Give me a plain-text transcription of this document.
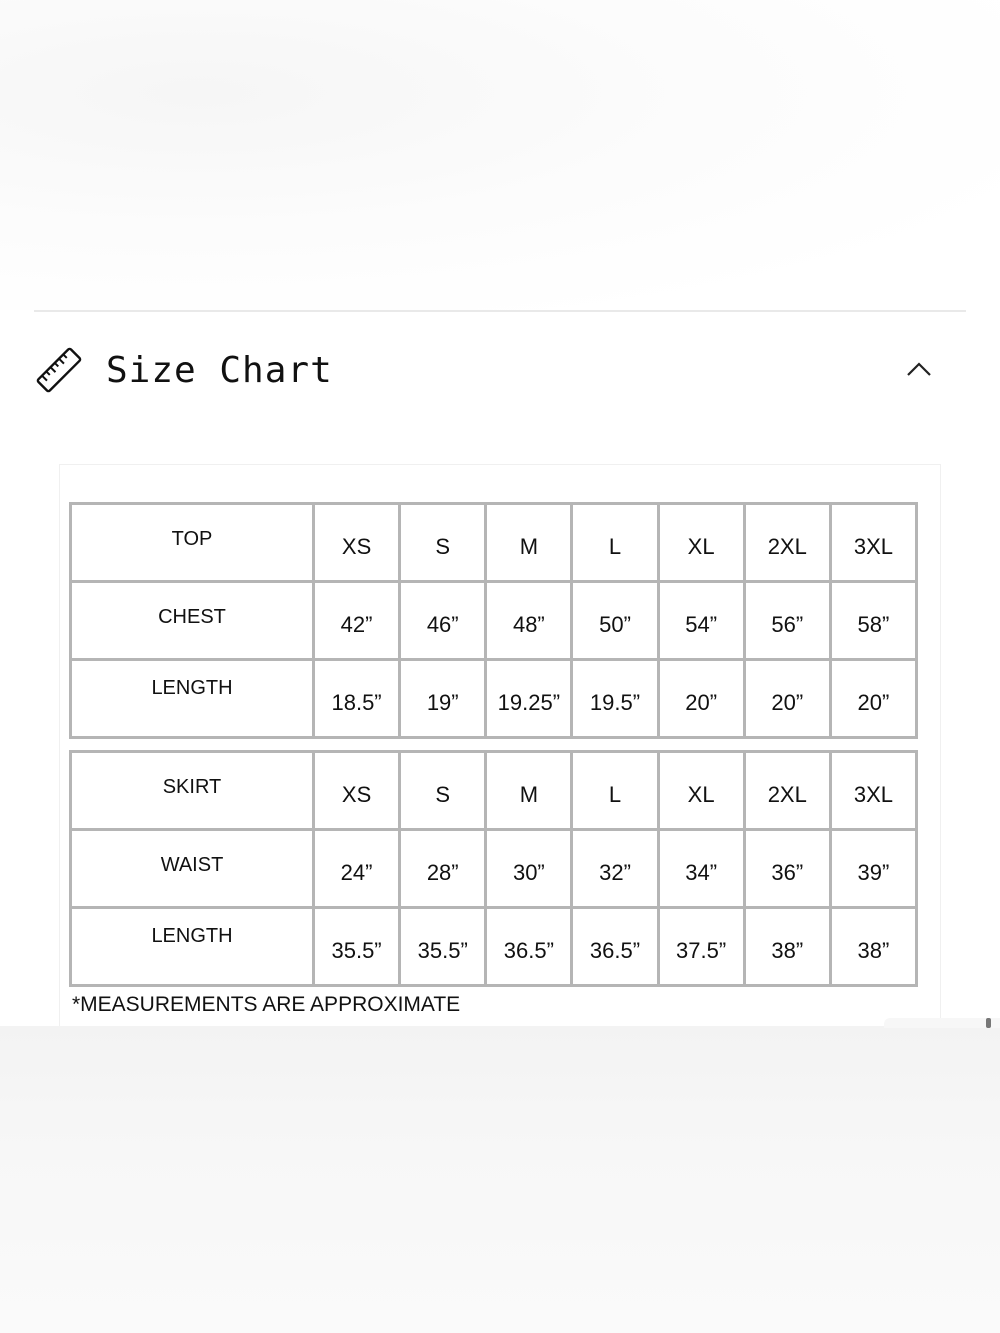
Size Chart
TOP	XS	S	M	L	XL	2XL	3XL
CHEST	42”	46”	48”	50”	54”	56”	58”
LENGTH	18.5”	19”	19.25”	19.5”	20”	20”	20”
SKIRT	XS	S	M	L	XL	2XL	3XL
WAIST	24”	28”	30”	32”	34”	36”	39”
LENGTH	35.5”	35.5”	36.5”	36.5”	37.5”	38”	38”
*MEASUREMENTS ARE APPROXIMATE
